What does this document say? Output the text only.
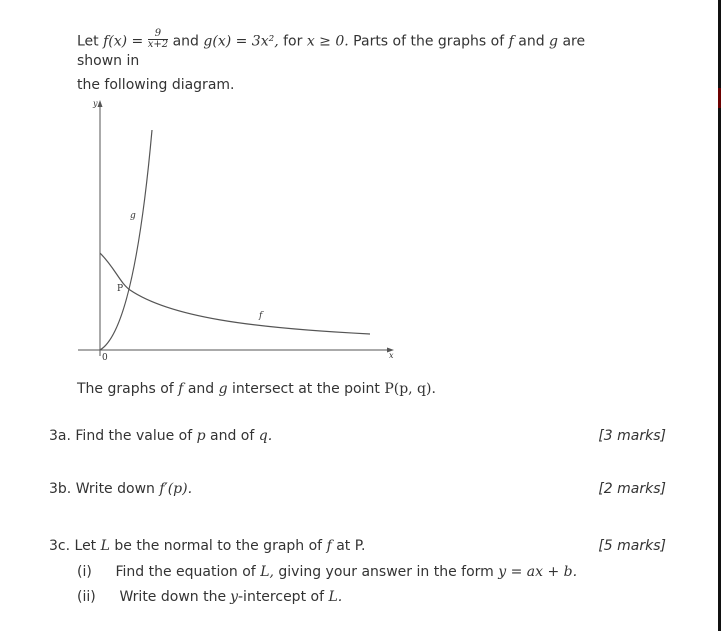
Let $f(x) = \frac{9}{x+2}$ and g(x) = 3x², for x ≥ 0. Parts of the graphs of f and g are
shown in
the following diagram.
y
x
0
g
f
P
The graphs of f and g intersect at the point P(p, q).
3a. Find the value of p and of q.	[3 marks]
3b. Write down f′(p).	[2 marks]
3c. Let L be the normal to the graph of f at P.	[5 marks]
(i) Find the equation of L, giving your answer in the form y = ax + b.
(ii) Write down the y-intercept of L.
